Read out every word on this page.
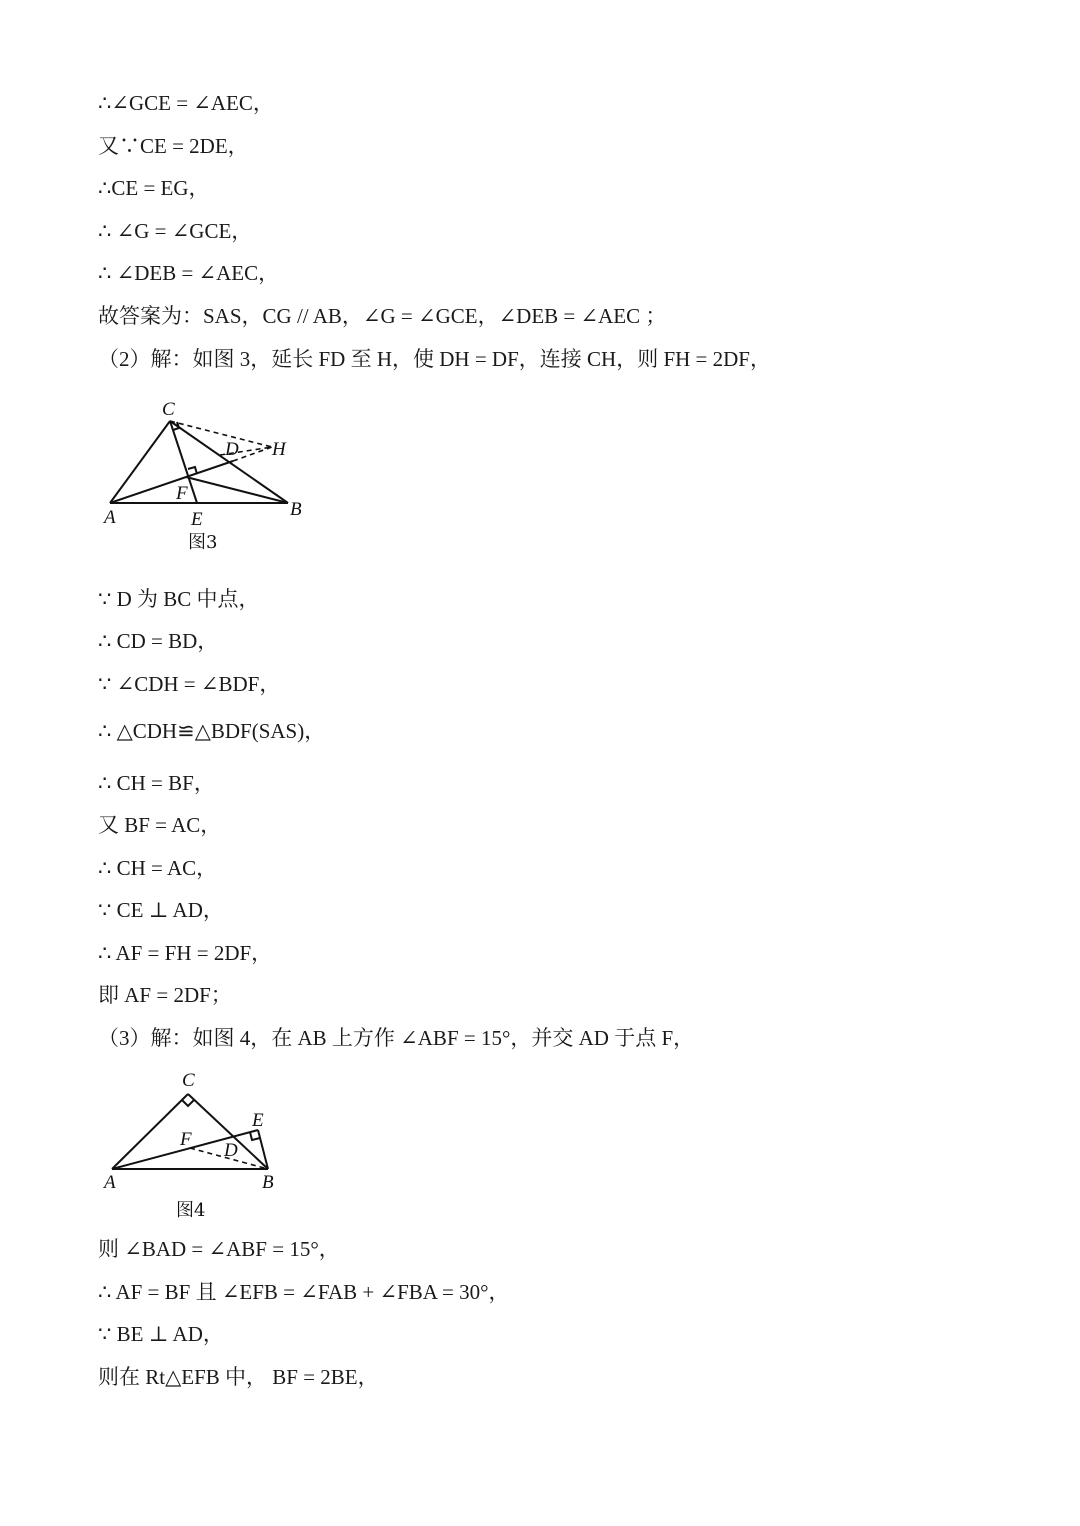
∴∠GCE = ∠AEC，
又∵CE = 2DE，
∴CE = EG，
∴ ∠G = ∠GCE，
∴ ∠DEB = ∠AEC，
故答案为：SAS，CG // AB，∠G = ∠GCE，∠DEB = ∠AEC ；
（2）解：如图 3，延长 FD 至 H，使 DH = DF，连接 CH，则 FH = 2DF，
C
D H
F
A	E	B
图3
∵ D 为 BC 中点，
∴ CD = BD，
∵ ∠CDH = ∠BDF，
∴ △CDH≌△BDF(SAS)，
∴ CH = BF，
又 BF = AC，
∴ CH = AC，
∵ CE ⊥ AD，
∴ AF = FH = 2DF，
即 AF = 2DF；
（3）解：如图 4，在 AB 上方作 ∠ABF = 15°，并交 AD 于点 F，
C
E
F
D
A	B
图4
则 ∠BAD = ∠ABF = 15°，
∴ AF = BF 且 ∠EFB = ∠FAB + ∠FBA = 30°，
∵ BE ⊥ AD，
则在 Rt△EFB 中， BF = 2BE，
